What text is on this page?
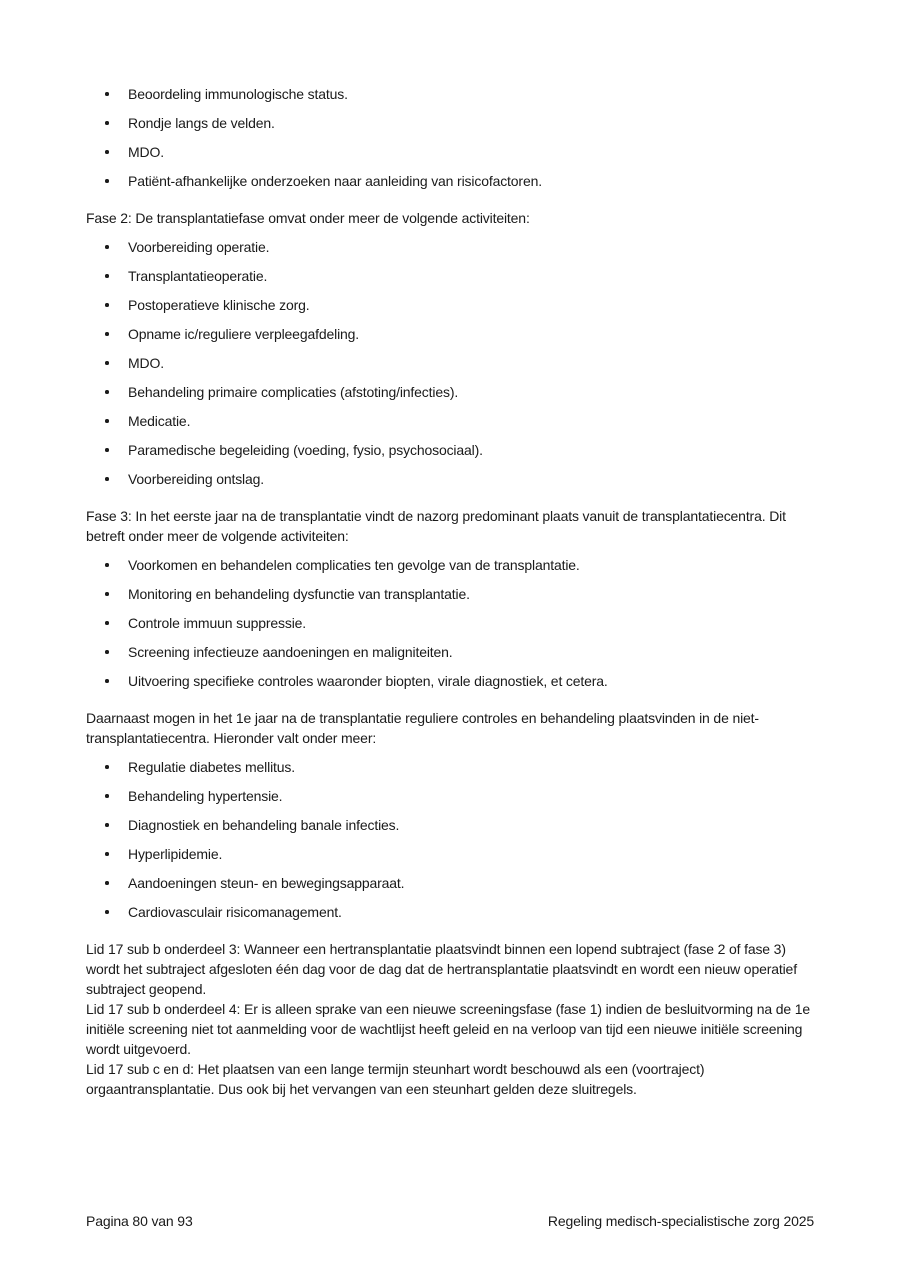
Beoordeling immunologische status.
Rondje langs de velden.
MDO.
Patiënt-afhankelijke onderzoeken naar aanleiding van risicofactoren.

Fase 2: De transplantatiefase omvat onder meer de volgende activiteiten:

Voorbereiding operatie.
Transplantatieoperatie.
Postoperatieve klinische zorg.
Opname ic/reguliere verpleegafdeling.
MDO.
Behandeling primaire complicaties (afstoting/infecties).
Medicatie.
Paramedische begeleiding (voeding, fysio, psychosociaal).
Voorbereiding ontslag.

Fase 3: In het eerste jaar na de transplantatie vindt de nazorg predominant plaats vanuit de transplantatiecentra. Dit betreft onder meer de volgende activiteiten:

Voorkomen en behandelen complicaties ten gevolge van de transplantatie.
Monitoring en behandeling dysfunctie van transplantatie.
Controle immuun suppressie.
Screening infectieuze aandoeningen en maligniteiten.
Uitvoering specifieke controles waaronder biopten, virale diagnostiek, et cetera.

Daarnaast mogen in het 1e jaar na de transplantatie reguliere controles en behandeling plaatsvinden in de niet-transplantatiecentra. Hieronder valt onder meer:

Regulatie diabetes mellitus.
Behandeling hypertensie.
Diagnostiek en behandeling banale infecties.
Hyperlipidemie.
Aandoeningen steun- en bewegingsapparaat.
Cardiovasculair risicomanagement.

Lid 17 sub b onderdeel 3: Wanneer een hertransplantatie plaatsvindt binnen een lopend subtraject (fase 2 of fase 3) wordt het subtraject afgesloten één dag voor de dag dat de hertransplantatie plaatsvindt en wordt een nieuw operatief subtraject geopend.

Lid 17 sub b onderdeel 4: Er is alleen sprake van een nieuwe screeningsfase (fase 1) indien de besluitvorming na de 1e initiële screening niet tot aanmelding voor de wachtlijst heeft geleid en na verloop van tijd een nieuwe initiële screening wordt uitgevoerd.

Lid 17 sub c en d: Het plaatsen van een lange termijn steunhart wordt beschouwd als een (voortraject) orgaantransplantatie. Dus ook bij het vervangen van een steunhart gelden deze sluitregels.

Pagina 80 van 93	Regeling medisch-specialistische zorg 2025
